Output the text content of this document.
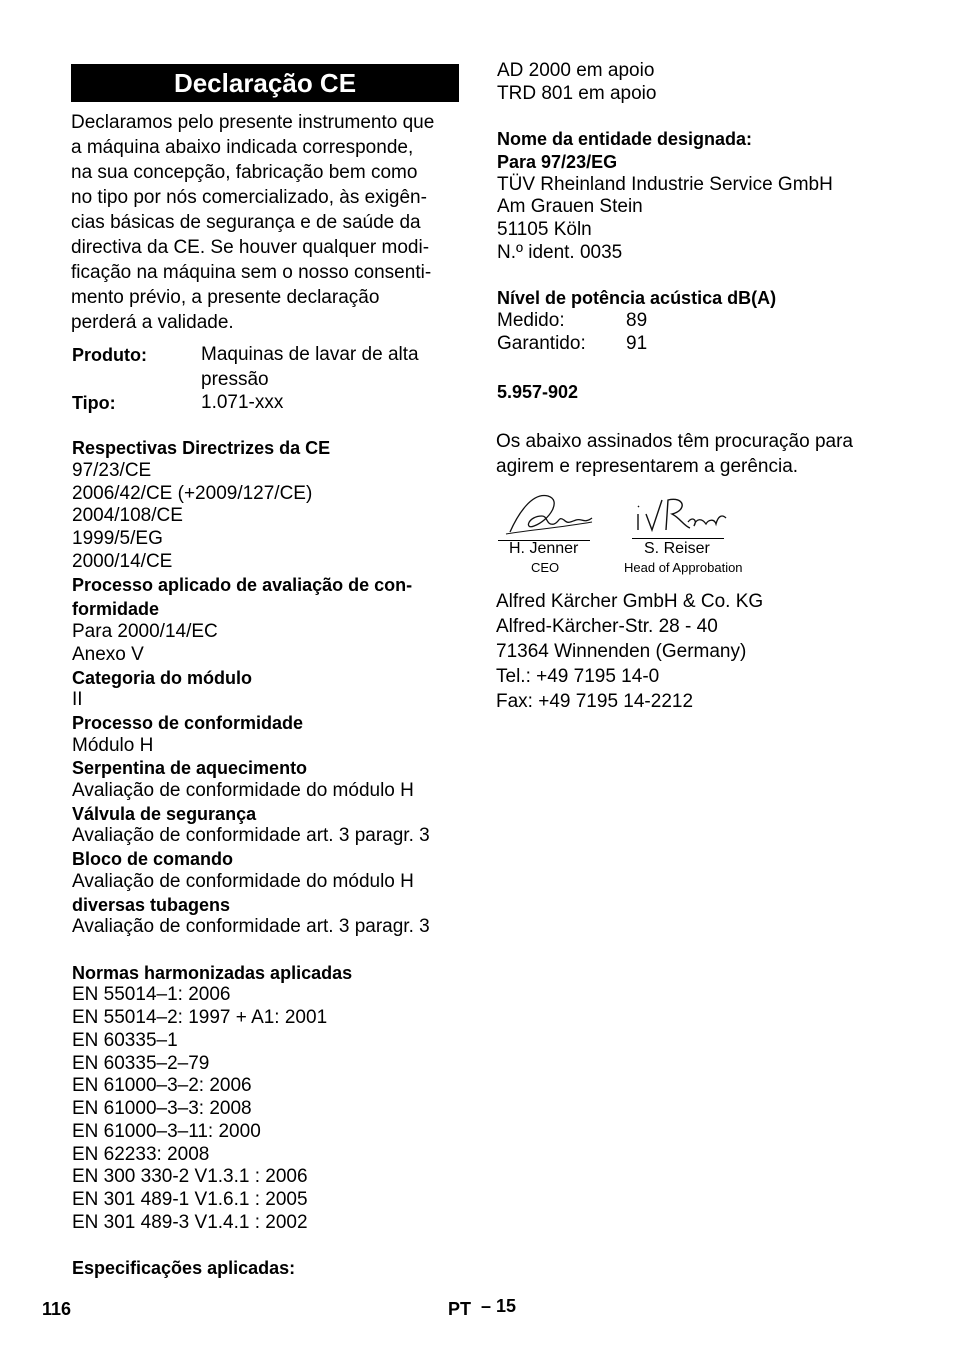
Declaração CE
Declaramos pelo presente instrumento que
a máquina abaixo indicada corresponde,
na sua concepção, fabricação bem como
no tipo por nós comercializado, às exigên-
cias básicas de segurança e de saúde da
directiva da CE. Se houver qualquer modi-
ficação na máquina sem o nosso consenti-
mento prévio, a presente declaração
perderá a validade.
Produto:	Maquinas de lavar de alta
pressão
Tipo:	1.071-xxx
Respectivas Directrizes da CE
97/23/CE
2006/42/CE (+2009/127/CE)
2004/108/CE
1999/5/EG
2000/14/CE
Processo aplicado de avaliação de con-
formidade
Para 2000/14/EC
Anexo V
Categoria do módulo
II
Processo de conformidade
Módulo H
Serpentina de aquecimento
Avaliação de conformidade do módulo H
Válvula de segurança
Avaliação de conformidade art. 3 paragr. 3
Bloco de comando
Avaliação de conformidade do módulo H
diversas tubagens
Avaliação de conformidade art. 3 paragr. 3
Normas harmonizadas aplicadas
EN 55014–1: 2006
EN 55014–2: 1997 + A1: 2001
EN 60335–1
EN 60335–2–79
EN 61000–3–2: 2006
EN 61000–3–3: 2008
EN 61000–3–11: 2000
EN 62233: 2008
EN 300 330-2 V1.3.1 : 2006
EN 301 489-1 V1.6.1 : 2005
EN 301 489-3 V1.4.1 : 2002
Especificações aplicadas:
AD 2000 em apoio
TRD 801 em apoio
Nome da entidade designada:
Para 97/23/EG
TÜV Rheinland Industrie Service GmbH
Am Grauen Stein
51105 Köln
N.º ident. 0035
Nível de potência acústica dB(A)
Medido:	89
Garantido: 91
5.957-902
Os abaixo assinados têm procuração para
agirem e representarem a gerência.
H. Jenner
CEO
S. Reiser
Head of Approbation
Alfred Kärcher GmbH & Co. KG
Alfred-Kärcher-Str. 28 - 40
71364 Winnenden (Germany)
Tel.: +49 7195 14-0
Fax: +49 7195 14-2212
116	PT – 15
